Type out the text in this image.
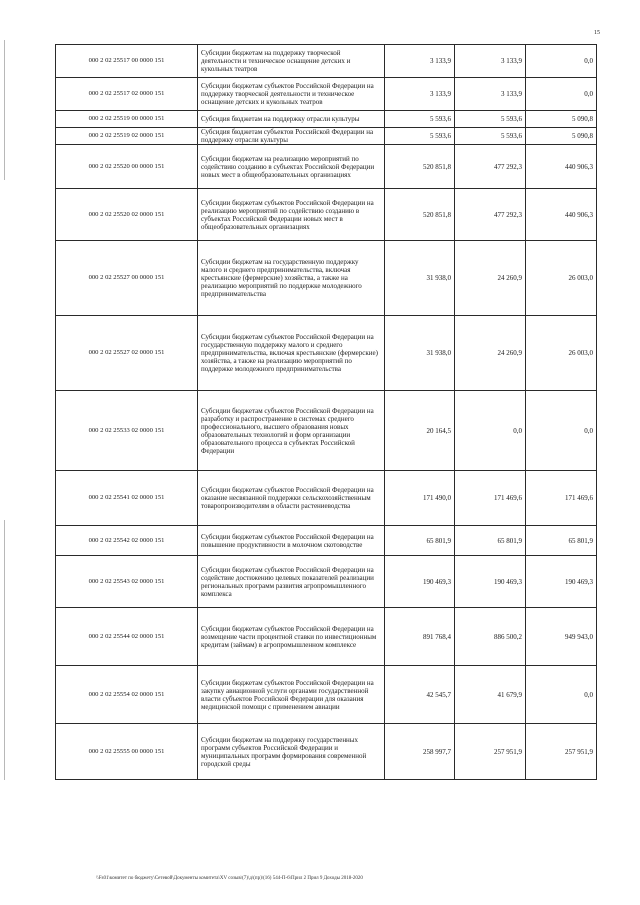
15
000 2 02 25517 00 0000 151	Субсидии бюджетам на поддержку творческой деятельности и техническое оснащение детских и кукольных театров	3 133,9	3 133,9	0,0
000 2 02 25517 02 0000 151	Субсидии бюджетам субъектов Российской Федерации на поддержку творческой деятельности и техническое оснащение детских и кукольных театров	3 133,9	3 133,9	0,0
000 2 02 25519 00 0000 151	Субсидия бюджетам на поддержку отрасли культуры	5 593,6	5 593,6	5 090,8
000 2 02 25519 02 0000 151	Субсидия бюджетам субъектов Российской Федерации на поддержку отрасли культуры	5 593,6	5 593,6	5 090,8
000 2 02 25520 00 0000 151	Субсидии бюджетам на реализацию мероприятий по содействию созданию в субъектах Российской Федерации новых мест в общеобразовательных организациях	520 851,8	477 292,3	440 906,3
000 2 02 25520 02 0000 151	Субсидии бюджетам субъектов Российской Федерации на реализацию мероприятий по содействию созданию в субъектах Российской Федерации новых мест в общеобразовательных организациях	520 851,8	477 292,3	440 906,3
000 2 02 25527 00 0000 151	Субсидии бюджетам на государственную поддержку малого и среднего предпринимательства, включая крестьянские (фермерские) хозяйства, а также на реализацию мероприятий по поддержке молодежного предпринимательства	31 938,0	24 260,9	26 003,0
000 2 02 25527 02 0000 151	Субсидии бюджетам субъектов Российской Федерации на государственную поддержку малого и среднего предпринимательства, включая крестьянские (фермерские) хозяйства, а также на реализацию мероприятий по поддержке молодежного предпринимательства	31 938,0	24 260,9	26 003,0
000 2 02 25533 02 0000 151	Субсидии бюджетам субъектов Российской Федерации на разработку и распространение в системах среднего профессионального, высшего образования новых образовательных технологий и форм организации образовательного процесса в субъектах Российской Федерации	20 164,5	0,0	0,0
000 2 02 25541 02 0000 151	Субсидии бюджетам субъектов Российской Федерации на оказание несвязанной поддержки сельскохозяйственным товаропроизводителям в области растениеводства	171 490,0	171 469,6	171 469,6
000 2 02 25542 02 0000 151	Субсидии бюджетам субъектов Российской Федерации на повышение продуктивности в молочном скотоводстве	65 801,9	65 801,9	65 801,9
000 2 02 25543 02 0000 151	Субсидии бюджетам субъектов Российской Федерации на содействие достижению целевых показателей реализации региональных программ развития агропромышленного комплекса	190 469,3	190 469,3	190 469,3
000 2 02 25544 02 0000 151	Субсидии бюджетам субъектов Российской Федерации на возмещение части процентной ставки по инвестиционным кредитам (займам) в агропромышленном комплексе	891 768,4	886 500,2	949 943,0
000 2 02 25554 02 0000 151	Субсидии бюджетам субъектов Российской Федерации на закупку авиационной услуги органами государственной власти субъектов Российской Федерации для оказания медицинской помощи с применением авиации	42 545,7	41 679,9	0,0
000 2 02 25555 00 0000 151	Субсидии бюджетам на поддержку государственных программ субъектов Российской Федерации и муниципальных программ формирования современной городской среды	258 997,7	257 951,9	257 951,9
\\Fs01\комитет по бюджету\Сетевой\Документы комитета\XV созыв\(7)\д\(пр)\(16) 544-П-6\Прил 2 Прил 9 Доходы 2018-2020
